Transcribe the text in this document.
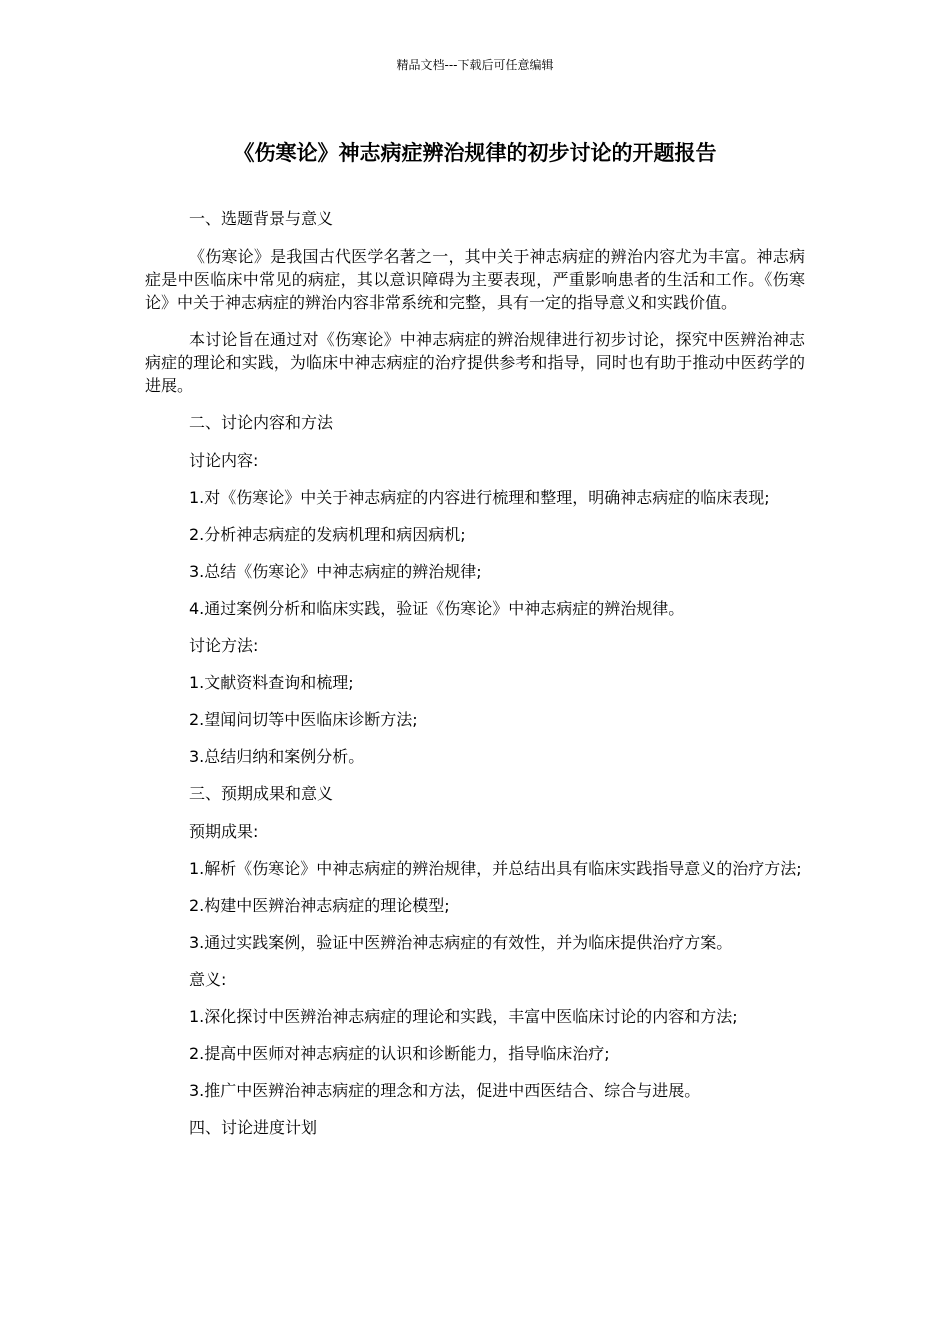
精品文档---下载后可任意编辑
《伤寒论》神志病症辨治规律的初步讨论的开题报告

一、选题背景与意义

《伤寒论》是我国古代医学名著之一，其中关于神志病症的辨治内容尤为丰富。神志病症是中医临床中常见的病症，其以意识障碍为主要表现，严重影响患者的生活和工作。《伤寒论》中关于神志病症的辨治内容非常系统和完整，具有一定的指导意义和实践价值。

本讨论旨在通过对《伤寒论》中神志病症的辨治规律进行初步讨论，探究中医辨治神志病症的理论和实践，为临床中神志病症的治疗提供参考和指导，同时也有助于推动中医药学的进展。

二、讨论内容和方法

讨论内容:

1.对《伤寒论》中关于神志病症的内容进行梳理和整理，明确神志病症的临床表现;

2.分析神志病症的发病机理和病因病机;

3.总结《伤寒论》中神志病症的辨治规律;

4.通过案例分析和临床实践，验证《伤寒论》中神志病症的辨治规律。

讨论方法:

1.文献资料查询和梳理;

2.望闻问切等中医临床诊断方法;

3.总结归纳和案例分析。

三、预期成果和意义

预期成果:

1.解析《伤寒论》中神志病症的辨治规律，并总结出具有临床实践指导意义的治疗方法;

2.构建中医辨治神志病症的理论模型;

3.通过实践案例，验证中医辨治神志病症的有效性，并为临床提供治疗方案。

意义:

1.深化探讨中医辨治神志病症的理论和实践，丰富中医临床讨论的内容和方法;

2.提高中医师对神志病症的认识和诊断能力，指导临床治疗;

3.推广中医辨治神志病症的理念和方法，促进中西医结合、综合与进展。

四、讨论进度计划
